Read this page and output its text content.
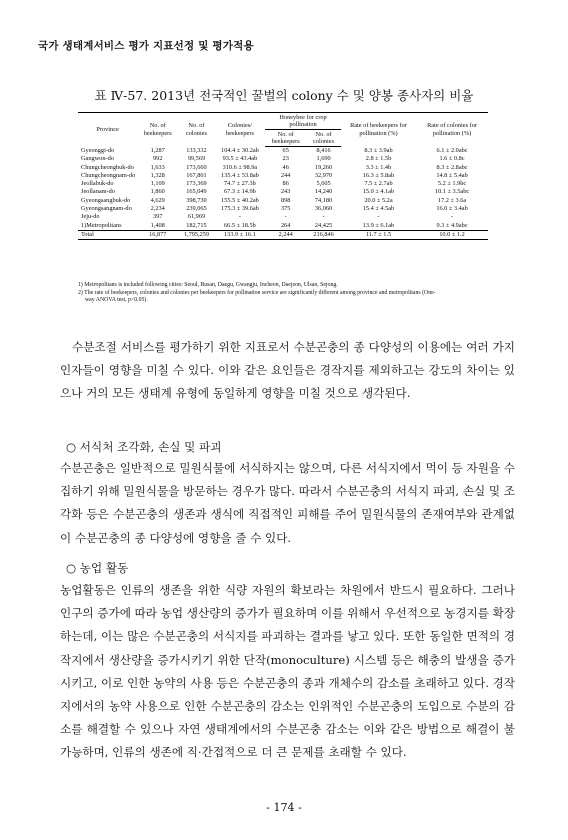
국가 생태계서비스 평가 지표선정 및 평가적용
표 Ⅳ-57. 2013년 전국적인 꿀벌의 colony 수 및 양봉 종사자의 비율
Province	No. of beekeepers	No. of colonies	Colonies/ beekeepers	Honeybee for crop pollination		Rate of beekeepers for pollination (%)	Rate of colonies for pollination (%)
				No. of beekeepers	No. of colonies		
Gyeonggi-do	1,287	133,332	104.4 ± 30.2ab	65	8,416	8.3 ± 3.9ab	6.1 ± 2.0abc
Gangwon-do	992	99,569	93.5 ± 43.4ab	23	1,690	2.8 ± 1.5b	1.6 ± 0.8c
Chungcheongbuk-do	1,633	173,660	310.6 ± 98.9a	46	19,260	3.3 ± 1.4b	8.3 ± 2.8abc
Chungcheongnam-do	1,328	167,801	135.4 ± 53.8ab	244	32,970	16.3 ± 5.8ab	14.8 ± 5.4ab
Jeollabuk-do	1,109	173,369	74.7 ± 27.3b	86	5,605	7.5 ± 2.7ab	5.2 ± 1.9bc
Jeollanam-do	1,860	165,049	67.3 ± 14.9b	243	14,240	15.0 ± 4.1ab	10.1 ± 3.5abc
Gyeongsangbuk-do	4,629	398,730	155.5 ± 40.2ab	898	74,180	20.0 ± 5.2a	17.2 ± 3.6a
Gyeongsangnam-do	2,234	239,065	175.3 ± 39.6ab	375	36,060	15.4 ± 4.5ab	16.0 ± 3.4ab
Jeju-do	397	61,969	-	-	-	-	-
1)Metropolitans	1,408	182,715	66.5 ± 18.5b	264	24,425	13.9 ± 6.1ab	9.3 ± 4.9abc
Total	16,877	1,795,259	133.9 ± 16.1	2,244	216,846	11.7 ± 1.5	10.0 ± 1.2

1) Metropolitans is included following cities: Seoul, Busan, Daegu, Gwangju, Incheon, Daejeon, Ulsan, Sejong.

2) The rate of beekeepers, colonies and colonies per beekeepers for pollination service are significantly different among province and metropolitans (One-

way ANOVA test, p<0.05).

수분조절 서비스를 평가하기 위한 지표로서 수분곤충의 종 다양성의 이용에는 여러 가지 인자들이 영향을 미칠 수 있다. 이와 같은 요인들은 경작지를 제외하고는 강도의 차이는 있으나 거의 모든 생태계 유형에 동일하게 영향을 미칠 것으로 생각된다.

○ 서식처 조각화, 손실 및 파괴

수분곤충은 일반적으로 밀원식물에 서식하지는 않으며, 다른 서식지에서 먹이 등 자원을 수집하기 위해 밀원식물을 방문하는 경우가 많다. 따라서 수분곤충의 서식지 파괴, 손실 및 조각화 등은 수분곤충의 생존과 생식에 직접적인 피해를 주어 밀원식물의 존재여부와 관계없이 수분곤충의 종 다양성에 영향을 줄 수 있다.

○ 농업 활동

농업활동은 인류의 생존을 위한 식량 자원의 확보라는 차원에서 반드시 필요하다. 그러나 인구의 증가에 따라 농업 생산량의 증가가 필요하며 이를 위해서 우선적으로 농경지를 확장하는데, 이는 많은 수분곤충의 서식지를 파괴하는 결과를 낳고 있다. 또한 동일한 면적의 경작지에서 생산량을 증가시키기 위한 단작(monoculture) 시스템 등은 해충의 발생을 증가시키고, 이로 인한 농약의 사용 등은 수분곤충의 종과 개체수의 감소를 초래하고 있다. 경작지에서의 농약 사용으로 인한 수분곤충의 감소는 인위적인 수분곤충의 도입으로 수분의 감소를 해결할 수 있으나 자연 생태계에서의 수분곤충 감소는 이와 같은 방법으로 해결이 불가능하며, 인류의 생존에 직·간접적으로 더 큰 문제를 초래할 수 있다.

- 174 -
